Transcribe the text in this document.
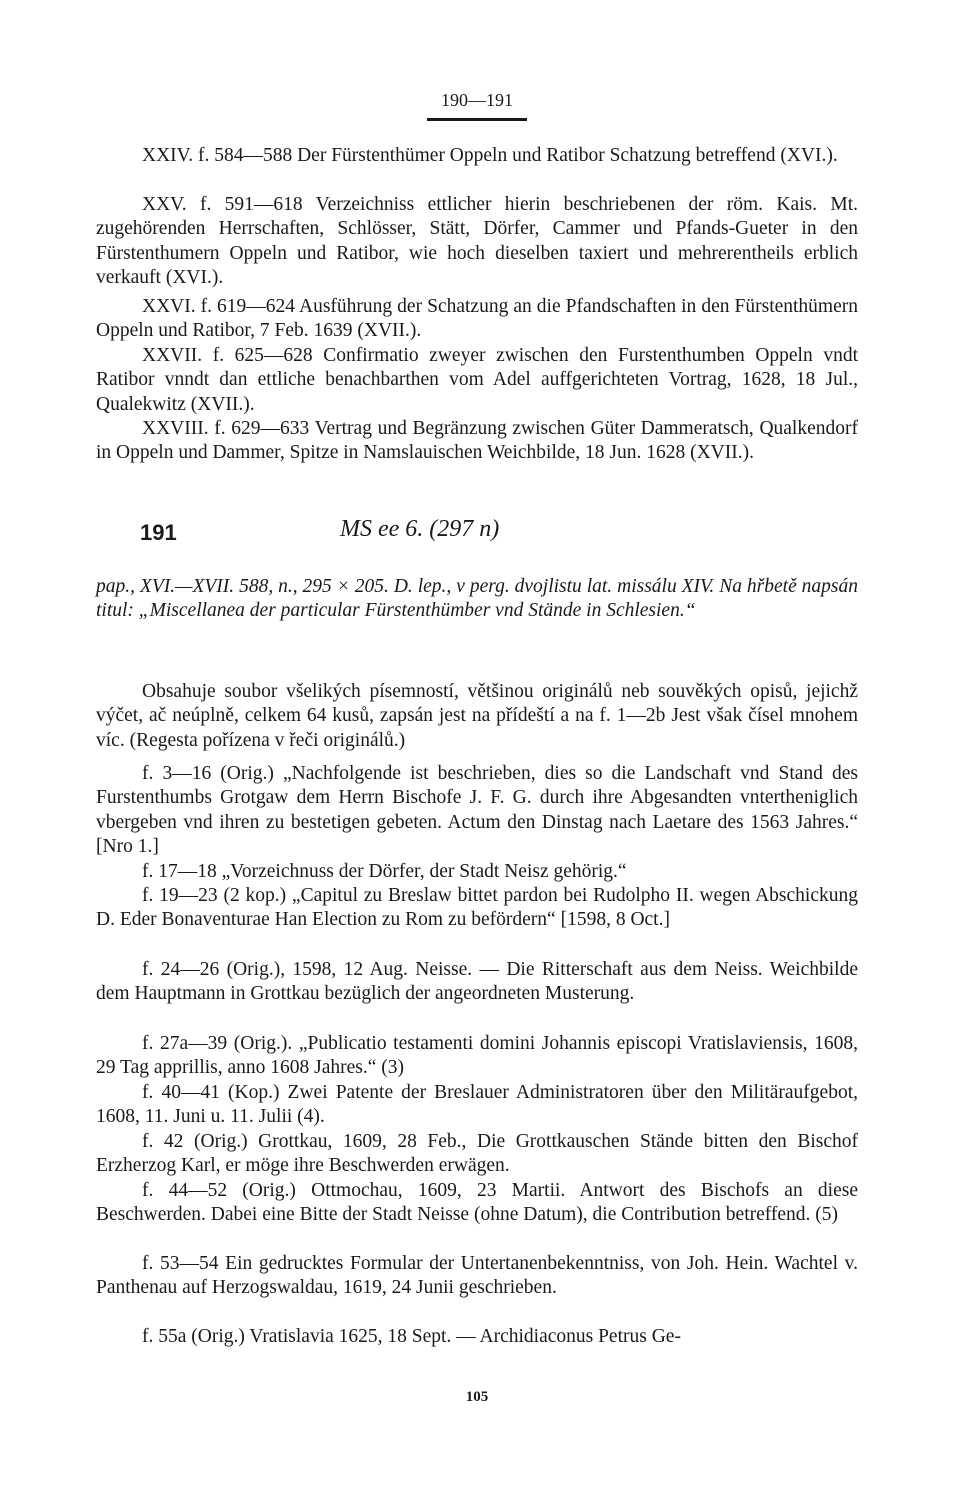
190—191

XXIV. f. 584—588 Der Fürstenthümer Oppeln und Ratibor Schatzung betreffend (XVI.).

XXV. f. 591—618 Verzeichniss ettlicher hierin beschriebenen der röm. Kais. Mt. zugehörenden Herrschaften, Schlösser, Stätt, Dörfer, Cammer und Pfands-Gueter in den Fürstenthumern Oppeln und Ratibor, wie hoch dieselben taxiert und mehrerentheils erblich verkauft (XVI.).

XXVI. f. 619—624 Ausführung der Schatzung an die Pfandschaften in den Fürstenthümern Oppeln und Ratibor, 7 Feb. 1639 (XVII.).

XXVII. f. 625—628 Confirmatio zweyer zwischen den Furstenthumben Oppeln vndt Ratibor vnndt dan ettliche benachbarthen vom Adel auffgerichteten Vortrag, 1628, 18 Jul., Qualekwitz (XVII.).

XXVIII. f. 629—633 Vertrag und Begränzung zwischen Güter Dammeratsch, Qualkendorf in Oppeln und Dammer, Spitze in Namslauischen Weichbilde, 18 Jun. 1628 (XVII.).

191	MS ee 6. (297 n)

pap., XVI.—XVII. 588, n., 295 × 205. D. lep., v perg. dvojlistu lat. missálu XIV. Na hřbetě napsán titul: „Miscellanea der particular Fürstenthümber vnd Stände in Schlesien.“

Obsahuje soubor všelikých písemností, většinou originálů neb souvěkých opisů, jejichž výčet, ač neúplně, celkem 64 kusů, zapsán jest na přídeští a na f. 1—2b Jest však čísel mnohem víc. (Regesta pořízena v řeči originálů.)

f. 3—16 (Orig.) „Nachfolgende ist beschrieben, dies so die Landschaft vnd Stand des Furstenthumbs Grotgaw dem Herrn Bischofe J. F. G. durch ihre Abgesandten vntertheniglich vbergeben vnd ihren zu bestetigen gebeten. Actum den Dinstag nach Laetare des 1563 Jahres.“ [Nro 1.]

f. 17—18 „Vorzeichnuss der Dörfer, der Stadt Neisz gehörig.“

f. 19—23 (2 kop.) „Capitul zu Breslaw bittet pardon bei Rudolpho II. wegen Abschickung D. Eder Bonaventurae Han Election zu Rom zu befördern“ [1598, 8 Oct.]

f. 24—26 (Orig.), 1598, 12 Aug. Neisse. — Die Ritterschaft aus dem Neiss. Weichbilde dem Hauptmann in Grottkau bezüglich der angeordneten Musterung.

f. 27a—39 (Orig.). „Publicatio testamenti domini Johannis episcopi Vratislaviensis, 1608, 29 Tag apprillis, anno 1608 Jahres.“ (3)

f. 40—41 (Kop.) Zwei Patente der Breslauer Administratoren über den Militäraufgebot, 1608, 11. Juni u. 11. Julii (4).

f. 42 (Orig.) Grottkau, 1609, 28 Feb., Die Grottkauschen Stände bitten den Bischof Erzherzog Karl, er möge ihre Beschwerden erwägen.

f. 44—52 (Orig.) Ottmochau, 1609, 23 Martii. Antwort des Bischofs an diese Beschwerden. Dabei eine Bitte der Stadt Neisse (ohne Datum), die Contribution betreffend. (5)

f. 53—54 Ein gedrucktes Formular der Untertanenbekenntniss, von Joh. Hein. Wachtel v. Panthenau auf Herzogswaldau, 1619, 24 Junii geschrieben.

f. 55a (Orig.) Vratislavia 1625, 18 Sept. — Archidiaconus Petrus Ge-

105
